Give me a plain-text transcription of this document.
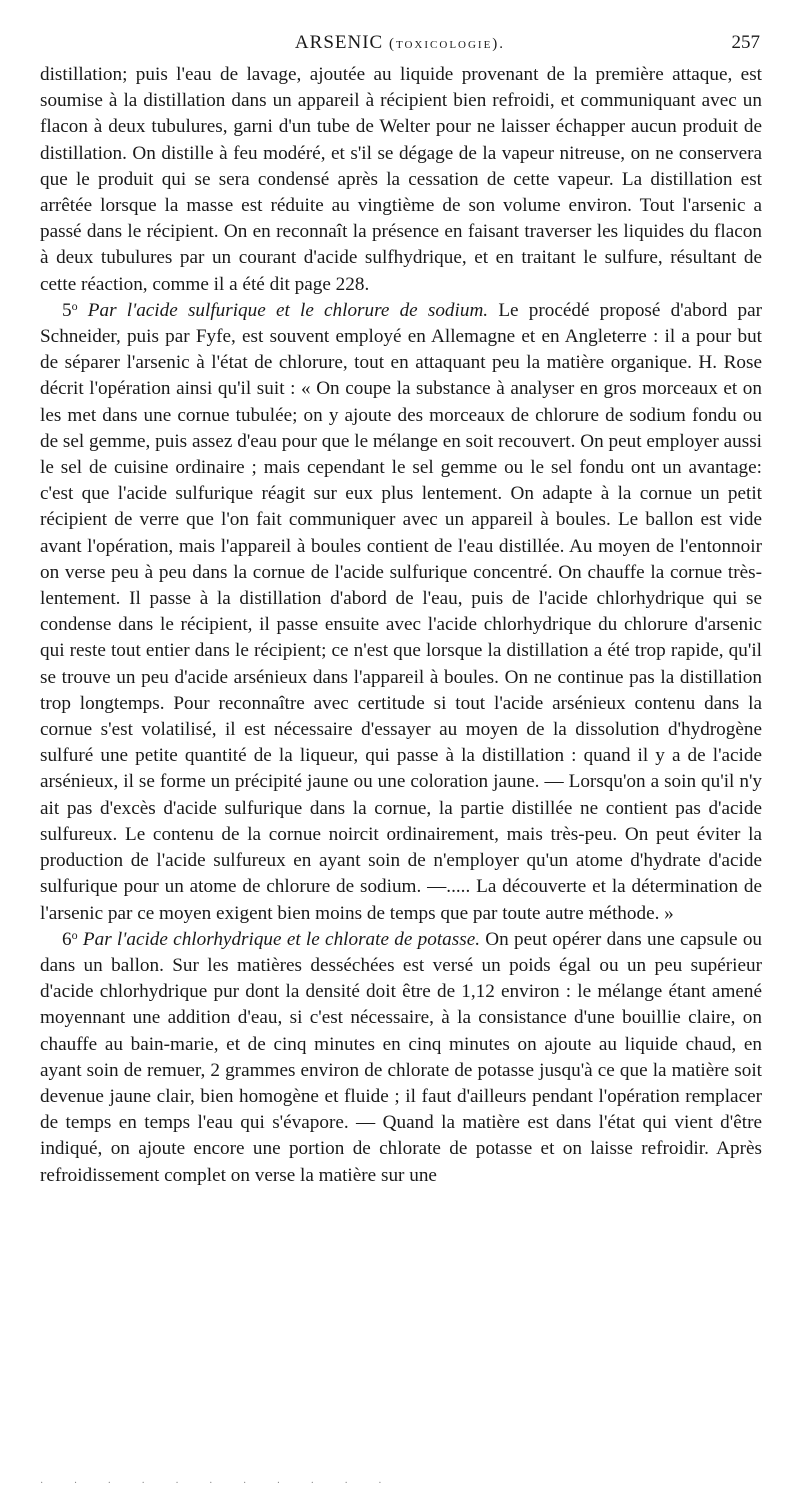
ARSENIC (toxicologie).	257

distillation; puis l'eau de lavage, ajoutée au liquide provenant de la première attaque, est soumise à la distillation dans un appareil à récipient bien refroidi, et communiquant avec un flacon à deux tubulures, garni d'un tube de Welter pour ne laisser échapper aucun produit de distillation. On distille à feu modéré, et s'il se dégage de la vapeur nitreuse, on ne conservera que le produit qui se sera condensé après la cessation de cette vapeur. La distillation est arrêtée lorsque la masse est réduite au vingtième de son volume environ. Tout l'arsenic a passé dans le récipient. On en reconnaît la présence en faisant traverser les liquides du flacon à deux tubulures par un courant d'acide sulfhydrique, et en traitant le sulfure, résultant de cette réaction, comme il a été dit page 228.

5$^o$ Par l'acide sulfurique et le chlorure de sodium. Le procédé proposé d'abord par Schneider, puis par Fyfe, est souvent employé en Allemagne et en Angleterre : il a pour but de séparer l'arsenic à l'état de chlorure, tout en attaquant peu la matière organique. H. Rose décrit l'opération ainsi qu'il suit : « On coupe la substance à analyser en gros morceaux et on les met dans une cornue tubulée; on y ajoute des morceaux de chlorure de sodium fondu ou de sel gemme, puis assez d'eau pour que le mélange en soit recouvert. On peut employer aussi le sel de cuisine ordinaire ; mais cependant le sel gemme ou le sel fondu ont un avantage: c'est que l'acide sulfurique réagit sur eux plus lentement. On adapte à la cornue un petit récipient de verre que l'on fait communiquer avec un appareil à boules. Le ballon est vide avant l'opération, mais l'appareil à boules contient de l'eau distillée. Au moyen de l'entonnoir on verse peu à peu dans la cornue de l'acide sulfurique concentré. On chauffe la cornue très-lentement. Il passe à la distillation d'abord de l'eau, puis de l'acide chlorhydrique qui se condense dans le récipient, il passe ensuite avec l'acide chlorhydrique du chlorure d'arsenic qui reste tout entier dans le récipient; ce n'est que lorsque la distillation a été trop rapide, qu'il se trouve un peu d'acide arsénieux dans l'appareil à boules. On ne continue pas la distillation trop longtemps. Pour reconnaître avec certitude si tout l'acide arsénieux contenu dans la cornue s'est volatilisé, il est nécessaire d'essayer au moyen de la dissolution d'hydrogène sulfuré une petite quantité de la liqueur, qui passe à la distillation : quand il y a de l'acide arsénieux, il se forme un précipité jaune ou une coloration jaune. — Lorsqu'on a soin qu'il n'y ait pas d'excès d'acide sulfurique dans la cornue, la partie distillée ne contient pas d'acide sulfureux. Le contenu de la cornue noircit ordinairement, mais très-peu. On peut éviter la production de l'acide sulfureux en ayant soin de n'employer qu'un atome d'hydrate d'acide sulfurique pour un atome de chlorure de sodium. —..... La découverte et la détermination de l'arsenic par ce moyen exigent bien moins de temps que par toute autre méthode. »

6$^o$ Par l'acide chlorhydrique et le chlorate de potasse. On peut opérer dans une capsule ou dans un ballon. Sur les matières desséchées est versé un poids égal ou un peu supérieur d'acide chlorhydrique pur dont la densité doit être de 1,12 environ : le mélange étant amené moyennant une addition d'eau, si c'est nécessaire, à la consistance d'une bouillie claire, on chauffe au bain-marie, et de cinq minutes en cinq minutes on ajoute au liquide chaud, en ayant soin de remuer, 2 grammes environ de chlorate de potasse jusqu'à ce que la matière soit devenue jaune clair, bien homogène et fluide ; il faut d'ailleurs pendant l'opération remplacer de temps en temps l'eau qui s'évapore. — Quand la matière est dans l'état qui vient d'être indiqué, on ajoute encore une portion de chlorate de potasse et on laisse refroidir. Après refroidissement complet on verse la matière sur une

· · · · · · · · · · ·
